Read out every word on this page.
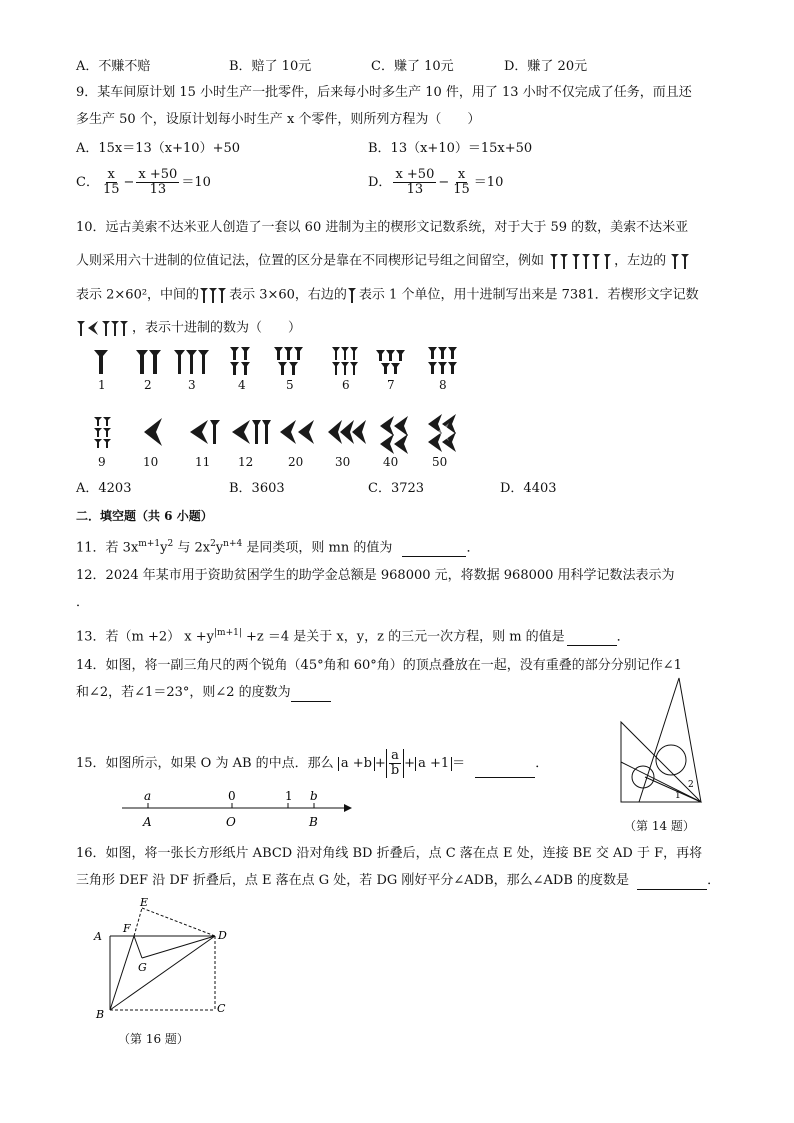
A．不赚不赔	B．赔了 10元	C．赚了 10元	D．赚了 20元
9．某车间原计划 15 小时生产一批零件，后来每小时多生产 10 件，用了 13 小时不仅完成了任务，而且还
多生产 50 个，设原计划每小时生产 x 个零件，则所列方程为（　　）
A．15x＝13（x+10）+50	B．13（x+10）＝15x+50
C． $\frac{x}{15} - \frac{x +50}{13} =10$	D． $\frac{x +50}{13} - \frac{x}{15} =10$
10．远古美索不达米亚人创造了一套以 60 进制为主的楔形文记数系统，对于大于 59 的数，美索不达米亚
人则采用六十进制的位值记法，位置的区分是靠在不同楔形记号组之间留空，例如	，左边的
表示 2×60²，中间的 表示 3×60，右边的 表示 1 个单位，用十进制写出来是 7381．若楔形文字记数
，表示十进制的数为（　　）
1	2	3	4	5	6	7	8
9	10	11 12	20	30	40	50
A．4203	B．3603	C．3723	D．4403
二．填空题（共 6 小题）
11．若 $3x^{m+1}y^2$ 与 $2x^2y^{n+4}$ 是同类项，则 mn 的值为	．
12．2024 年某市用于资助贫困学生的助学金总额是 968000 元，将数据 968000 用科学记数法表示为
．
13．若（m +2） $x +y^{|m+1|} +z =4$ 是关于 x，y，z 的三元一次方程，则 m 的值是	．
14．如图，将一副三角尺的两个锐角（45°角和 60°角）的顶点叠放在一起，没有重叠的部分分别记作∠1
和∠2，若∠1＝23°，则∠2 的度数为
1
2
（第 14 题）
15．如图所示，如果 O 为 AB 的中点．那么 $a +b + \frac{a}{b} + a +1$ ＝	．
a	0	1 b
A	O	B
16．如图，将一张长方形纸片 ABCD 沿对角线 BD 折叠后，点 C 落在点 E 处，连接 BE 交 AD 于 F，再将
三角形 DEF 沿 DF 折叠后，点 E 落在点 G 处，若 DG 刚好平分∠ADB，那么∠ADB 的度数是	．
E
A
F
D
G
B	C
（第 16 题）
